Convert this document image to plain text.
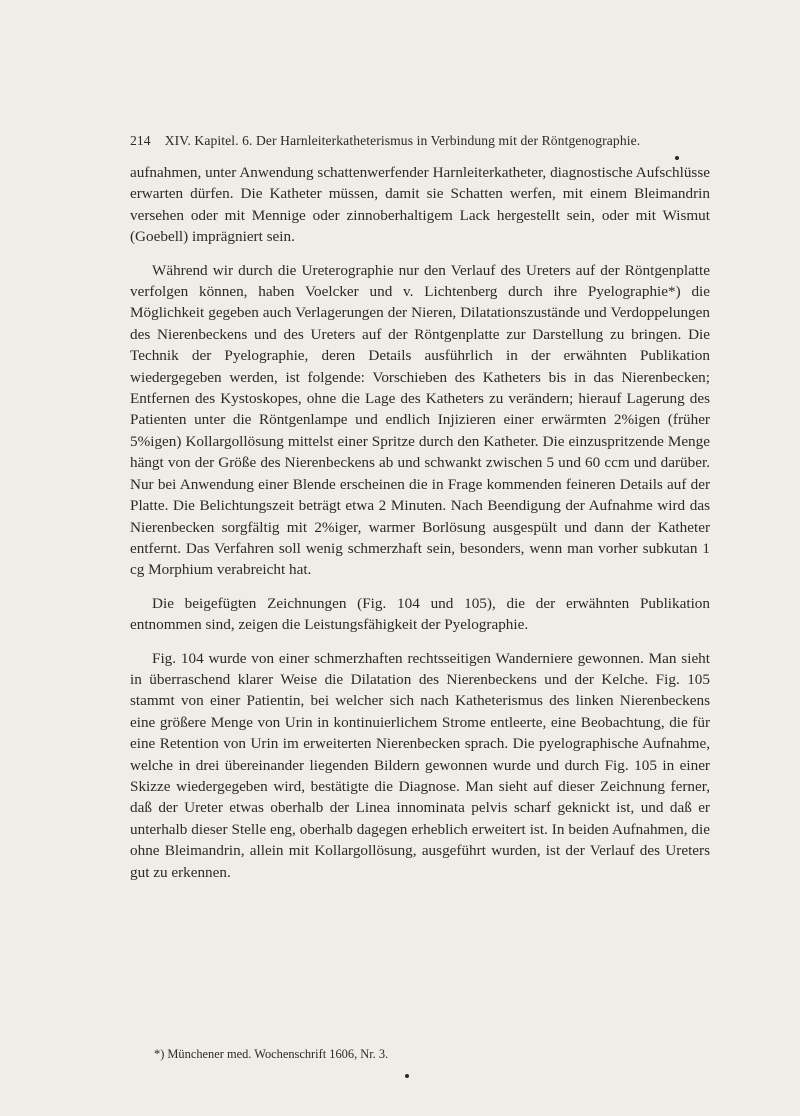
214 XIV. Kapitel. 6. Der Harnleiterkatheterismus in Verbindung mit der Röntgenographie.

aufnahmen, unter Anwendung schattenwerfender Harnleiterkatheter, diagnostische Aufschlüsse erwarten dürfen. Die Katheter müssen, damit sie Schatten werfen, mit einem Bleimandrin versehen oder mit Mennige oder zinnoberhaltigem Lack hergestellt sein, oder mit Wismut (Goebell) imprägniert sein.

Während wir durch die Ureterographie nur den Verlauf des Ureters auf der Röntgenplatte verfolgen können, haben Voelcker und v. Lichtenberg durch ihre Pyelographie*) die Möglichkeit gegeben auch Verlagerungen der Nieren, Dilatationszustände und Verdoppelungen des Nierenbeckens und des Ureters auf der Röntgenplatte zur Darstellung zu bringen. Die Technik der Pyelographie, deren Details ausführlich in der erwähnten Publikation wiedergegeben werden, ist folgende: Vorschieben des Katheters bis in das Nierenbecken; Entfernen des Kystoskopes, ohne die Lage des Katheters zu verändern; hierauf Lagerung des Patienten unter die Röntgenlampe und endlich Injizieren einer erwärmten 2%igen (früher 5%igen) Kollargollösung mittelst einer Spritze durch den Katheter. Die einzuspritzende Menge hängt von der Größe des Nierenbeckens ab und schwankt zwischen 5 und 60 ccm und darüber. Nur bei Anwendung einer Blende erscheinen die in Frage kommenden feineren Details auf der Platte. Die Belichtungszeit beträgt etwa 2 Minuten. Nach Beendigung der Aufnahme wird das Nierenbecken sorgfältig mit 2%iger, warmer Borlösung ausgespült und dann der Katheter entfernt. Das Verfahren soll wenig schmerzhaft sein, besonders, wenn man vorher subkutan 1 cg Morphium verabreicht hat.

Die beigefügten Zeichnungen (Fig. 104 und 105), die der erwähnten Publikation entnommen sind, zeigen die Leistungsfähigkeit der Pyelographie.

Fig. 104 wurde von einer schmerzhaften rechtsseitigen Wanderniere gewonnen. Man sieht in überraschend klarer Weise die Dilatation des Nierenbeckens und der Kelche. Fig. 105 stammt von einer Patientin, bei welcher sich nach Katheterismus des linken Nierenbeckens eine größere Menge von Urin in kontinuierlichem Strome entleerte, eine Beobachtung, die für eine Retention von Urin im erweiterten Nierenbecken sprach. Die pyelographische Aufnahme, welche in drei übereinander liegenden Bildern gewonnen wurde und durch Fig. 105 in einer Skizze wiedergegeben wird, bestätigte die Diagnose. Man sieht auf dieser Zeichnung ferner, daß der Ureter etwas oberhalb der Linea innominata pelvis scharf geknickt ist, und daß er unterhalb dieser Stelle eng, oberhalb dagegen erheblich erweitert ist. In beiden Aufnahmen, die ohne Bleimandrin, allein mit Kollargollösung, ausgeführt wurden, ist der Verlauf des Ureters gut zu erkennen.

*) Münchener med. Wochenschrift 1606, Nr. 3.
